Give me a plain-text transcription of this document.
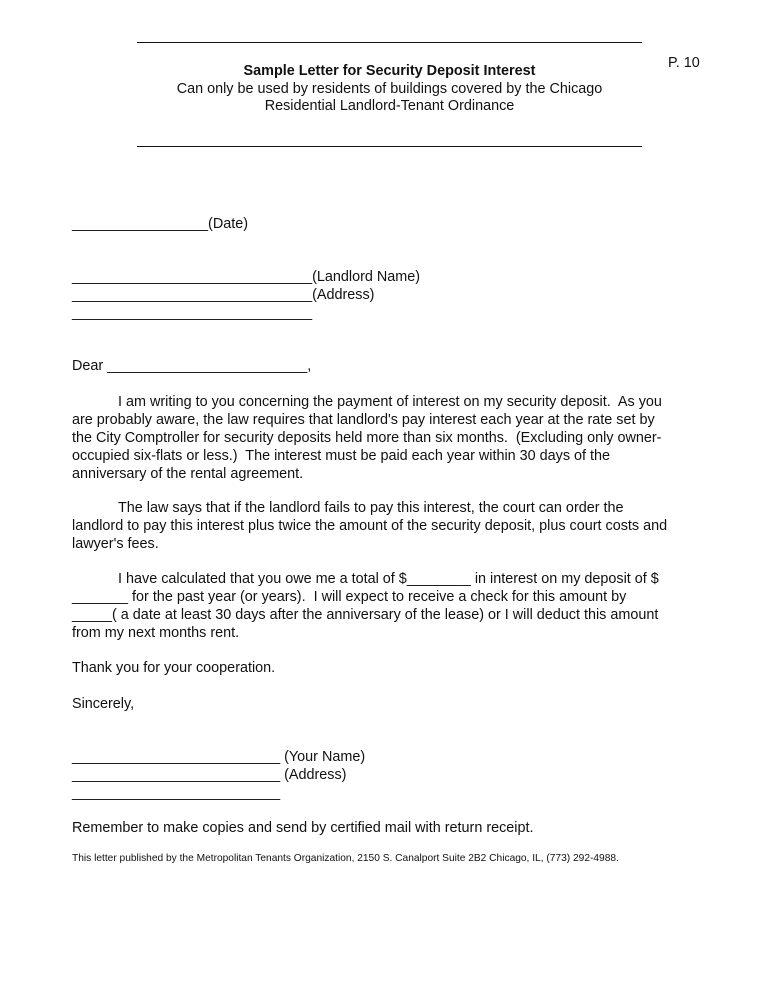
P. 10
Sample Letter for Security Deposit Interest
Can only be used by residents of buildings covered by the Chicago
Residential Landlord-Tenant Ordinance
_________________(Date)
______________________________(Landlord Name)
______________________________(Address)
______________________________
Dear _________________________,
I am writing to you concerning the payment of interest on my security deposit.  As you
are probably aware, the law requires that landlord's pay interest each year at the rate set by
the City Comptroller for security deposits held more than six months.  (Excluding only owner-
occupied six-flats or less.)  The interest must be paid each year within 30 days of the
anniversary of the rental agreement.
The law says that if the landlord fails to pay this interest, the court can order the
landlord to pay this interest plus twice the amount of the security deposit, plus court costs and
lawyer's fees.
I have calculated that you owe me a total of $________ in interest on my deposit of $
_______ for the past year (or years).  I will expect to receive a check for this amount by
_____( a date at least 30 days after the anniversary of the lease) or I will deduct this amount
from my next months rent.
Thank you for your cooperation.
Sincerely,
__________________________ (Your Name)
__________________________ (Address)
__________________________
Remember to make copies and send by certified mail with return receipt.
This letter published by the Metropolitan Tenants Organization, 2150 S. Canalport Suite 2B2 Chicago, IL, (773) 292-4988.
